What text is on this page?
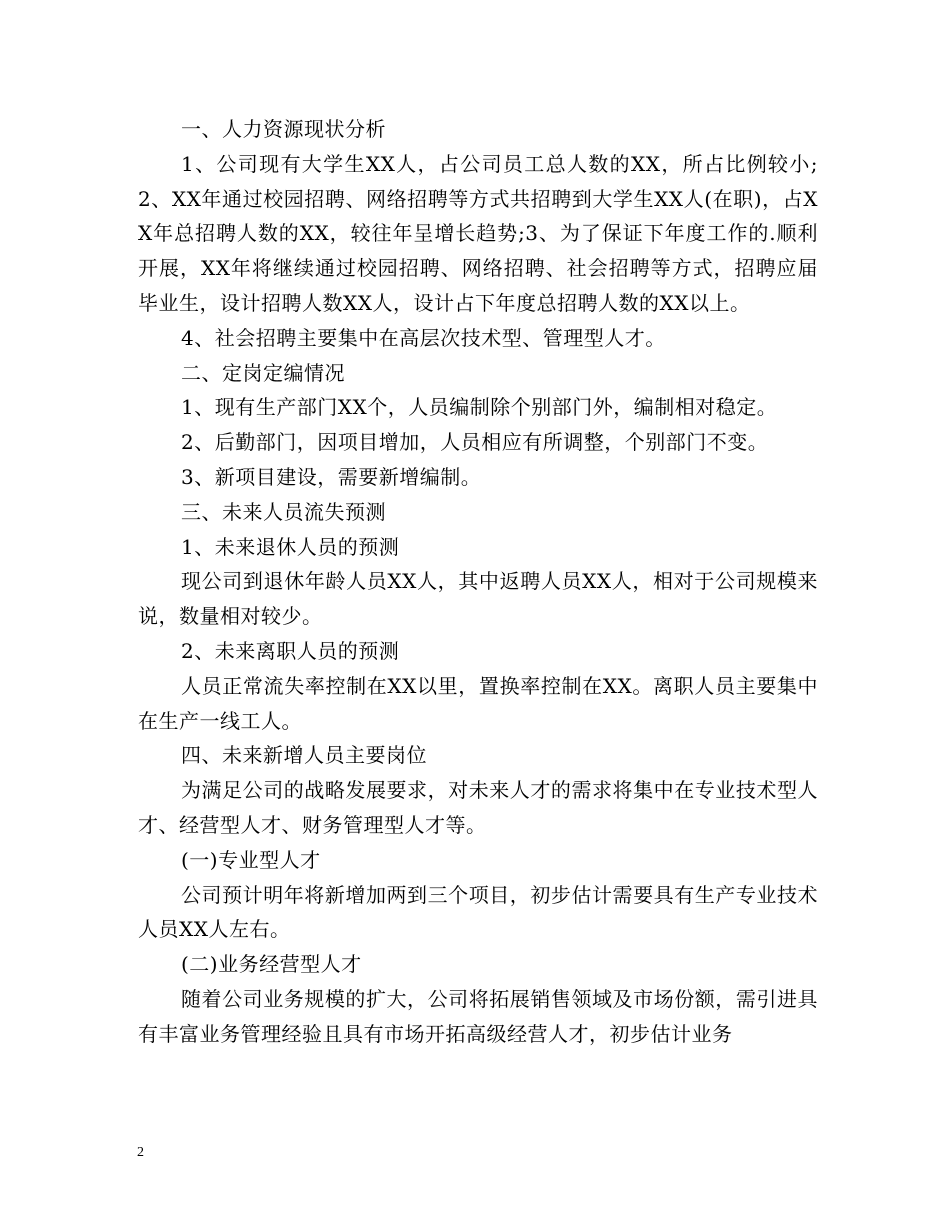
一、人力资源现状分析

1、公司现有大学生XX人，占公司员工总人数的XX，所占比例较小;2、XX年通过校园招聘、网络招聘等方式共招聘到大学生XX人(在职)，占XX年总招聘人数的XX，较往年呈增长趋势;3、为了保证下年度工作的.顺利开展，XX年将继续通过校园招聘、网络招聘、社会招聘等方式，招聘应届毕业生，设计招聘人数XX人，设计占下年度总招聘人数的XX以上。

4、社会招聘主要集中在高层次技术型、管理型人才。

二、定岗定编情况

1、现有生产部门XX个，人员编制除个别部门外，编制相对稳定。

2、后勤部门，因项目增加，人员相应有所调整，个别部门不变。

3、新项目建设，需要新增编制。

三、未来人员流失预测

1、未来退休人员的预测

现公司到退休年龄人员XX人，其中返聘人员XX人，相对于公司规模来说，数量相对较少。

2、未来离职人员的预测

人员正常流失率控制在XX以里，置换率控制在XX。离职人员主要集中在生产一线工人。

四、未来新增人员主要岗位

为满足公司的战略发展要求，对未来人才的需求将集中在专业技术型人才、经营型人才、财务管理型人才等。

(一)专业型人才

公司预计明年将新增加两到三个项目，初步估计需要具有生产专业技术人员XX人左右。

(二)业务经营型人才

随着公司业务规模的扩大，公司将拓展销售领域及市场份额，需引进具有丰富业务管理经验且具有市场开拓高级经营人才，初步估计业务

2
